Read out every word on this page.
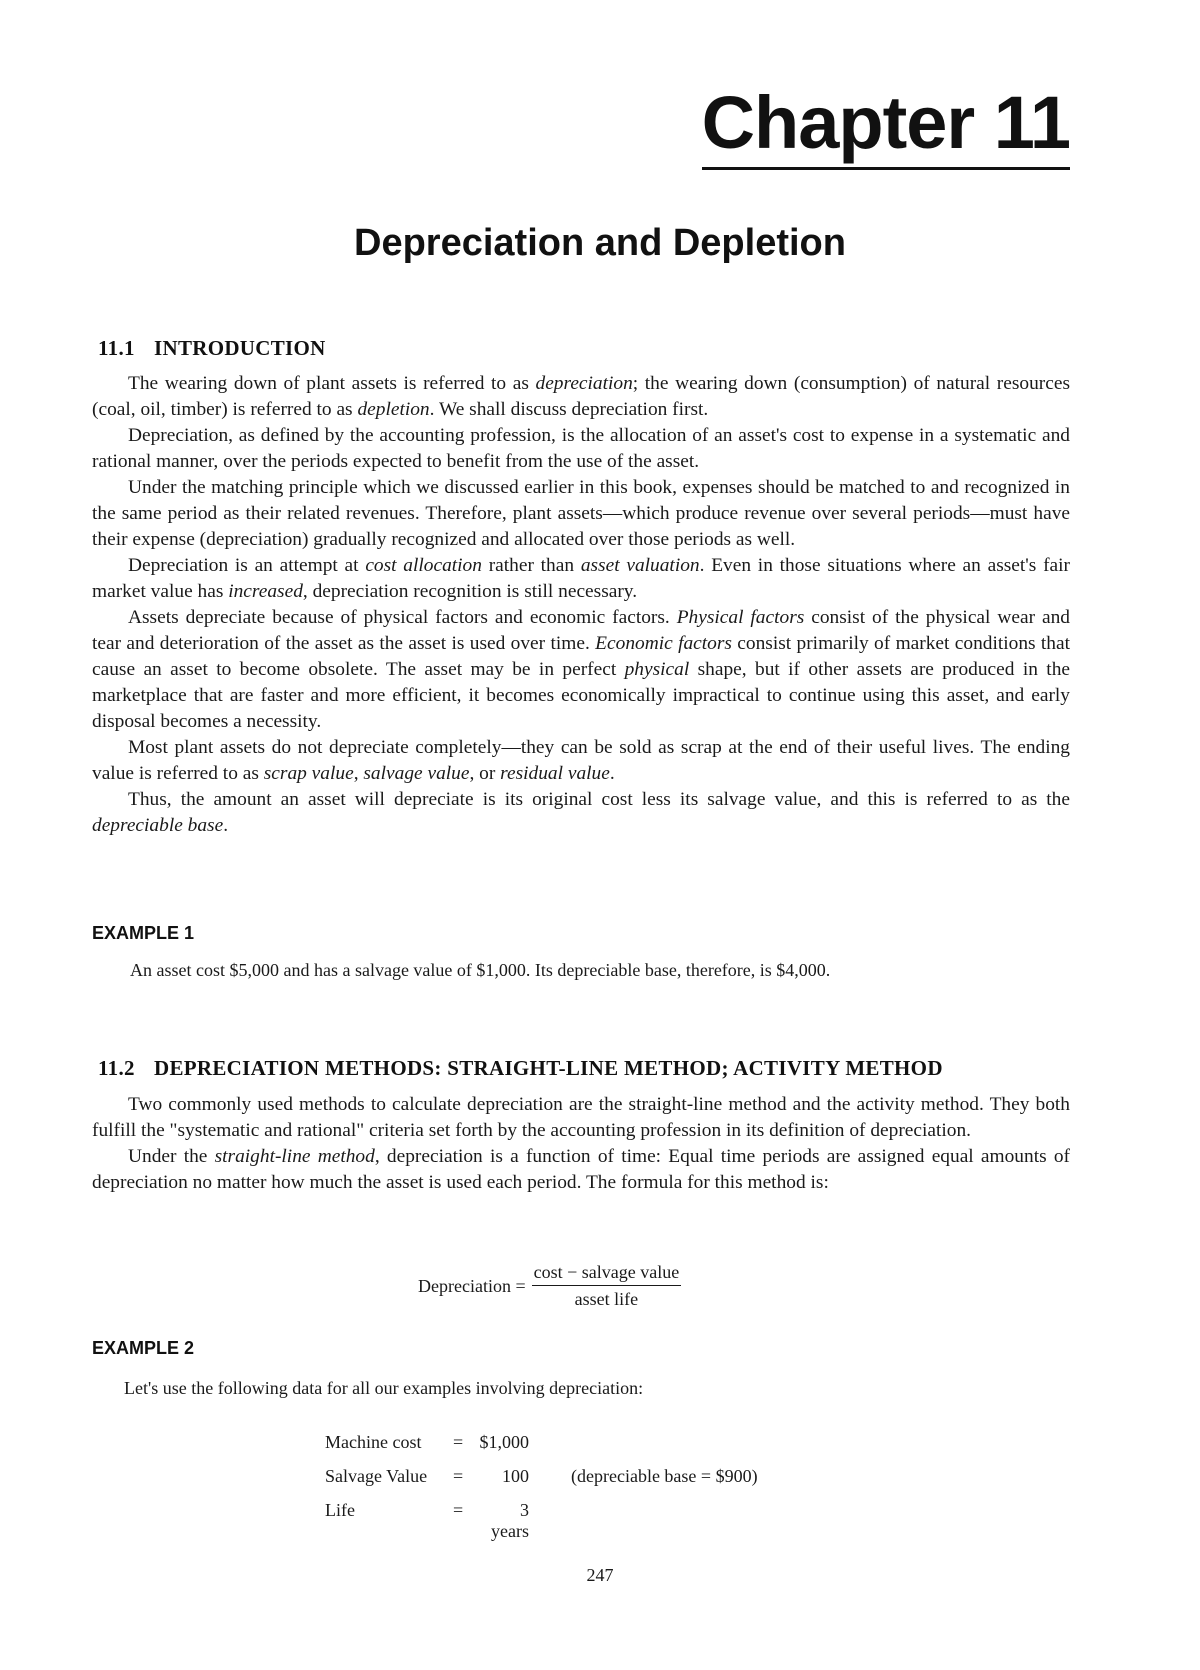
Chapter 11
Depreciation and Depletion
11.1 INTRODUCTION

The wearing down of plant assets is referred to as depreciation; the wearing down (consumption) of natural resources (coal, oil, timber) is referred to as depletion. We shall discuss depreciation first.

Depreciation, as defined by the accounting profession, is the allocation of an asset's cost to expense in a systematic and rational manner, over the periods expected to benefit from the use of the asset.

Under the matching principle which we discussed earlier in this book, expenses should be matched to and recognized in the same period as their related revenues. Therefore, plant assets—which produce revenue over several periods—must have their expense (depreciation) gradually recognized and allocated over those periods as well.

Depreciation is an attempt at cost allocation rather than asset valuation. Even in those situations where an asset's fair market value has increased, depreciation recognition is still necessary.

Assets depreciate because of physical factors and economic factors. Physical factors consist of the physical wear and tear and deterioration of the asset as the asset is used over time. Economic factors consist primarily of market conditions that cause an asset to become obsolete. The asset may be in perfect physical shape, but if other assets are produced in the marketplace that are faster and more efficient, it becomes economically impractical to continue using this asset, and early disposal becomes a necessity.

Most plant assets do not depreciate completely—they can be sold as scrap at the end of their useful lives. The ending value is referred to as scrap value, salvage value, or residual value.

Thus, the amount an asset will depreciate is its original cost less its salvage value, and this is referred to as the depreciable base.

EXAMPLE 1
An asset cost $5,000 and has a salvage value of $1,000. Its depreciable base, therefore, is $4,000.
11.2 DEPRECIATION METHODS: STRAIGHT-LINE METHOD; ACTIVITY METHOD

Two commonly used methods to calculate depreciation are the straight-line method and the activity method. They both fulfill the "systematic and rational" criteria set forth by the accounting profession in its definition of depreciation.

Under the straight-line method, depreciation is a function of time: Equal time periods are assigned equal amounts of depreciation no matter how much the asset is used each period. The formula for this method is:

Depreciation = $\frac{\text{cost − salvage value}}{\text{asset life}}$
EXAMPLE 2
Let's use the following data for all our examples involving depreciation:
Machine cost	=	$1,000	
Salvage Value	=	100	(depreciable base = $900)
Life	=	3 years	
247
